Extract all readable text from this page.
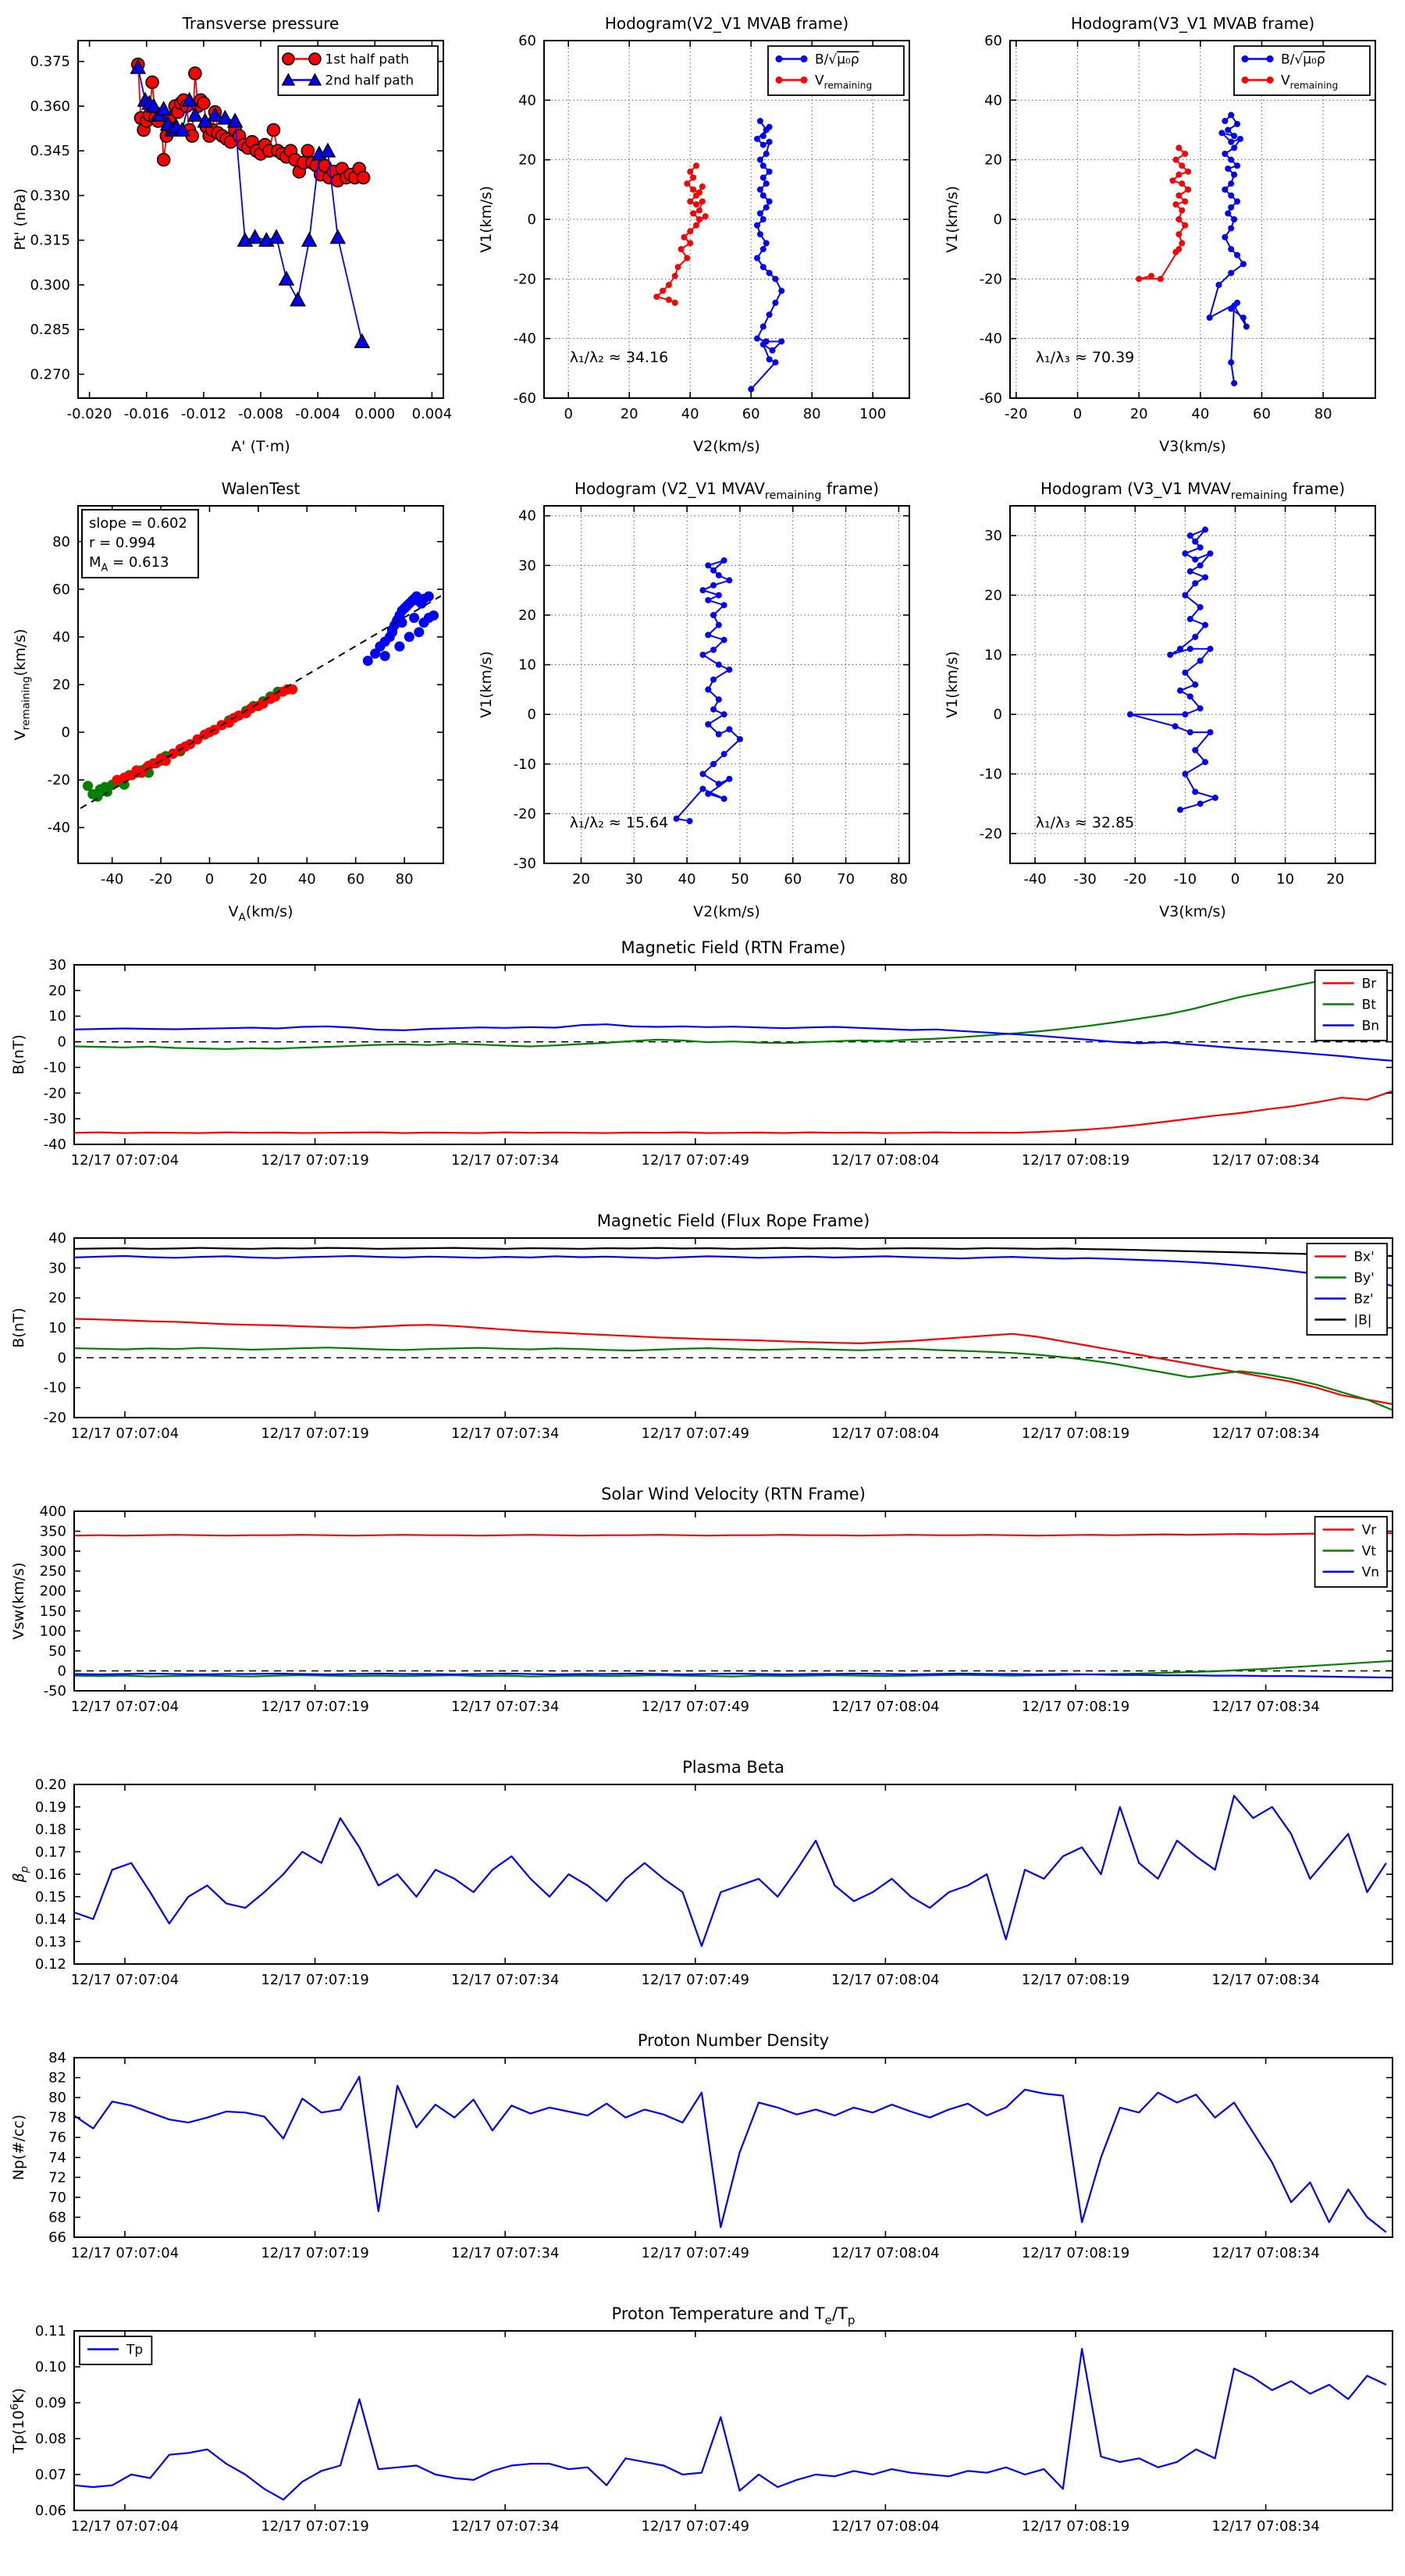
-0.020 -0.016 -0.012 -0.008 -0.004 0.000 0.004
0.270
0.285
0.300
0.315
0.330
0.345
0.360
0.375
Transverse pressure
A' (T·m)
Pt' (nPa)
1st half path
2nd half path
0	20	40	60	80	100
-60
-40
-20
0
20
40
60
Hodogram(V2_V1 MVAB frame)
V2(km/s)
V1(km/s)
B/√μ₀ρ
$V_{remaining}$
λ₁/λ₂ ≈ 34.16
-20	0	20	40	60	80
-60
-40
-20
0
20
40
60
Hodogram(V3_V1 MVAB frame)
V3(km/s)
V1(km/s)
B/√μ₀ρ
$V_{remaining}$
λ₁/λ₃ ≈ 70.39
-40 -20 0	20 40 60 80
-40
-20
0
20
40
60
80
WalenTest
$V_A(km/s)$
$V_{remaining}(km/s)$
slope = 0.602
r = 0.994
$M_A = 0.613$
20 30 40 50 60 70 80
-30
-20
-10
0
10
20
30
40
Hodogram (V2_V1 $MVAV_{remaining}$ frame)
V2(km/s)
V1(km/s)
λ₁/λ₂ ≈ 15.64
-40 -30 -20 -10 0	10 20
-20
-10
0
10
20
30
Hodogram (V3_V1 $MVAV_{remaining}$ frame)
V3(km/s)
V1(km/s)
λ₁/λ₃ ≈ 32.85
12/17 07:07:04	12/17 07:07:19	12/17 07:07:34	12/17 07:07:49	12/17 07:08:04	12/17 07:08:19	12/17 07:08:34
-40
-30
-20
-10
0
10
20
30
Magnetic Field (RTN Frame)
B(nT)
Br
Bt
Bn
12/17 07:07:04	12/17 07:07:19	12/17 07:07:34	12/17 07:07:49	12/17 07:08:04	12/17 07:08:19	12/17 07:08:34
-20
-10
0
10
20
30
40
Magnetic Field (Flux Rope Frame)
B(nT)
Bx'
By'
Bz'
|B|
12/17 07:07:04	12/17 07:07:19	12/17 07:07:34	12/17 07:07:49	12/17 07:08:04	12/17 07:08:19	12/17 07:08:34
-50
0
50
100
150
200
250
300
350
400
Solar Wind Velocity (RTN Frame)
Vsw(km/s)
Vr
Vt
Vn
12/17 07:07:04	12/17 07:07:19	12/17 07:07:34	12/17 07:07:49	12/17 07:08:04	12/17 07:08:19	12/17 07:08:34
0.12
0.13
0.14
0.15
0.16
0.17
0.18
0.19
0.20
Plasma Beta
$\beta_p$
12/17 07:07:04	12/17 07:07:19	12/17 07:07:34	12/17 07:07:49	12/17 07:08:04	12/17 07:08:19	12/17 07:08:34
66
68
70
72
74
76
78
80
82
84
Proton Number Density
Np(#/cc)
12/17 07:07:04	12/17 07:07:19	12/17 07:07:34	12/17 07:07:49	12/17 07:08:04	12/17 07:08:19	12/17 07:08:34
0.06
0.07
0.08
0.09
0.10
0.11
Proton Temperature and $T_e/T_p$
$Tp(10^6K)$
Tp
